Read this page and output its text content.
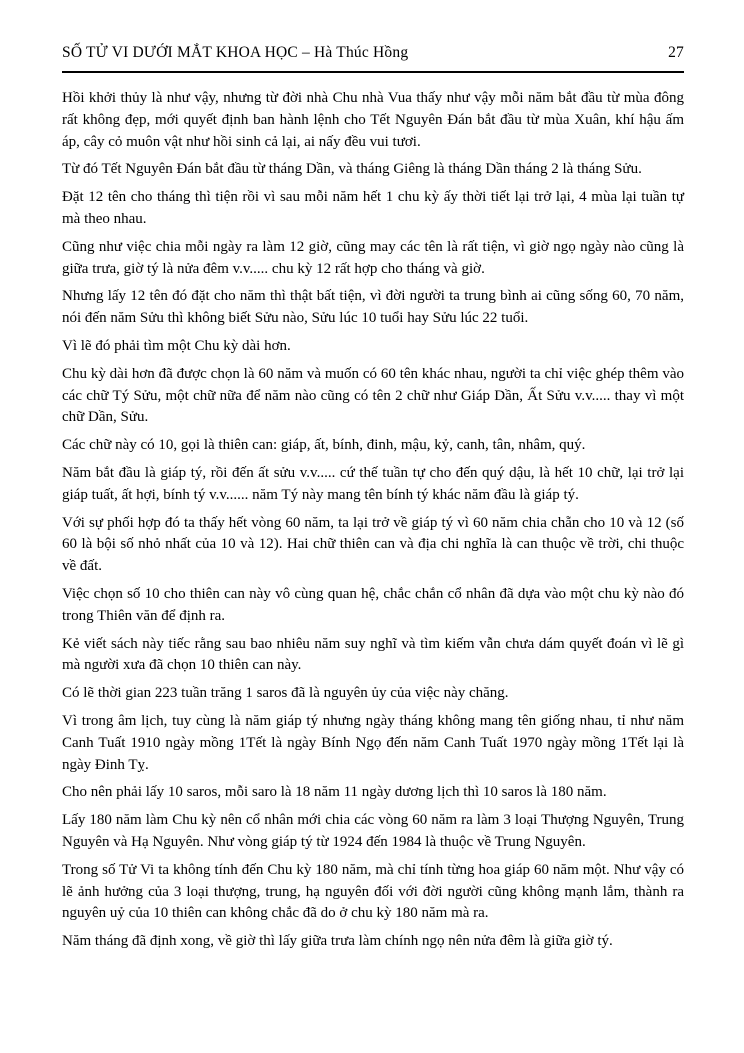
SỐ TỬ VI DƯỚI MẮT KHOA HỌC – Hà Thúc Hồng	27

Hồi khởi thủy là như vậy, nhưng từ đời nhà Chu nhà Vua thấy như vậy mỗi năm bắt đầu từ mùa đông rất không đẹp, mới quyết định ban hành lệnh cho Tết Nguyên Đán bắt đầu từ mùa Xuân, khí hậu ấm áp, cây cỏ muôn vật như hồi sinh cả lại, ai nấy đều vui tươi.

Từ đó Tết Nguyên Đán bắt đầu từ tháng Dần, và tháng Giêng là tháng Dần tháng 2 là tháng Sửu.

Đặt 12 tên cho tháng thì tiện rồi vì sau mỗi năm hết 1 chu kỳ ấy thời tiết lại trở lại, 4 mùa lại tuần tự mà theo nhau.

Cũng như việc chia mỗi ngày ra làm 12 giờ, cũng may các tên là rất tiện, vì giờ ngọ ngày nào cũng là giữa trưa, giờ tý là nửa đêm v.v..... chu kỳ 12 rất hợp cho tháng và giờ.

Nhưng lấy 12 tên đó đặt cho năm thì thật bất tiện, vì đời người ta trung bình ai cũng sống 60, 70 năm, nói đến năm Sửu thì không biết Sửu nào, Sửu lúc 10 tuổi hay Sửu lúc 22 tuổi.

Vì lẽ đó phải tìm một Chu kỳ dài hơn.

Chu kỳ dài hơn đã được chọn là 60 năm và muốn có 60 tên khác nhau, người ta chỉ việc ghép thêm vào các chữ Tý Sửu, một chữ nữa để năm nào cũng có tên 2 chữ như Giáp Dần, Ất Sửu v.v..... thay vì một chữ Dần, Sửu.

Các chữ này có 10, gọi là thiên can: giáp, ất, bính, đinh, mậu, kỷ, canh, tân, nhâm, quý.

Năm bắt đầu là giáp tý, rồi đến ất sửu v.v..... cứ thế tuần tự cho đến quý dậu, là hết 10 chữ, lại trở lại giáp tuất, ất hợi, bính tý v.v...... năm Tý này mang tên bính tý khác năm đầu là giáp tý.

Với sự phối hợp đó ta thấy hết vòng 60 năm, ta lại trở về giáp tý vì 60 năm chia chẵn cho 10 và 12 (số 60 là bội số nhỏ nhất của 10 và 12). Hai chữ thiên can và địa chi nghĩa là can thuộc về trời, chi thuộc về đất.

Việc chọn số 10 cho thiên can này vô cùng quan hệ, chắc chắn cổ nhân đã dựa vào một chu kỳ nào đó trong Thiên văn để định ra.

Kẻ viết sách này tiếc rằng sau bao nhiêu năm suy nghĩ và tìm kiếm vẫn chưa dám quyết đoán vì lẽ gì mà người xưa đã chọn 10 thiên can này.

Có lẽ thời gian 223 tuần trăng 1 saros đã là nguyên ủy của việc này chăng.

Vì trong âm lịch, tuy cùng là năm giáp tý nhưng ngày tháng không mang tên giống nhau, tỉ như năm Canh Tuất 1910 ngày mồng 1Tết là ngày Bính Ngọ đến năm Canh Tuất 1970 ngày mồng 1Tết lại là ngày Đinh Tỵ.

Cho nên phải lấy 10 saros, mỗi saro là 18 năm 11 ngày dương lịch thì 10 saros là 180 năm.

Lấy 180 năm làm Chu kỳ nên cổ nhân mới chia các vòng 60 năm ra làm 3 loại Thượng Nguyên, Trung Nguyên và Hạ Nguyên. Như vòng giáp tý từ 1924 đến 1984 là thuộc về Trung Nguyên.

Trong số Tử Vi ta không tính đến Chu kỳ 180 năm, mà chỉ tính từng hoa giáp 60 năm một. Như vậy có lẽ ảnh hưởng của 3 loại thượng, trung, hạ nguyên đối với đời người cũng không mạnh lắm, thành ra nguyên uỷ của 10 thiên can không chắc đã do ở chu kỳ 180 năm mà ra.

Năm tháng đã định xong, về giờ thì lấy giữa trưa làm chính ngọ nên nửa đêm là giữa giờ tý.
